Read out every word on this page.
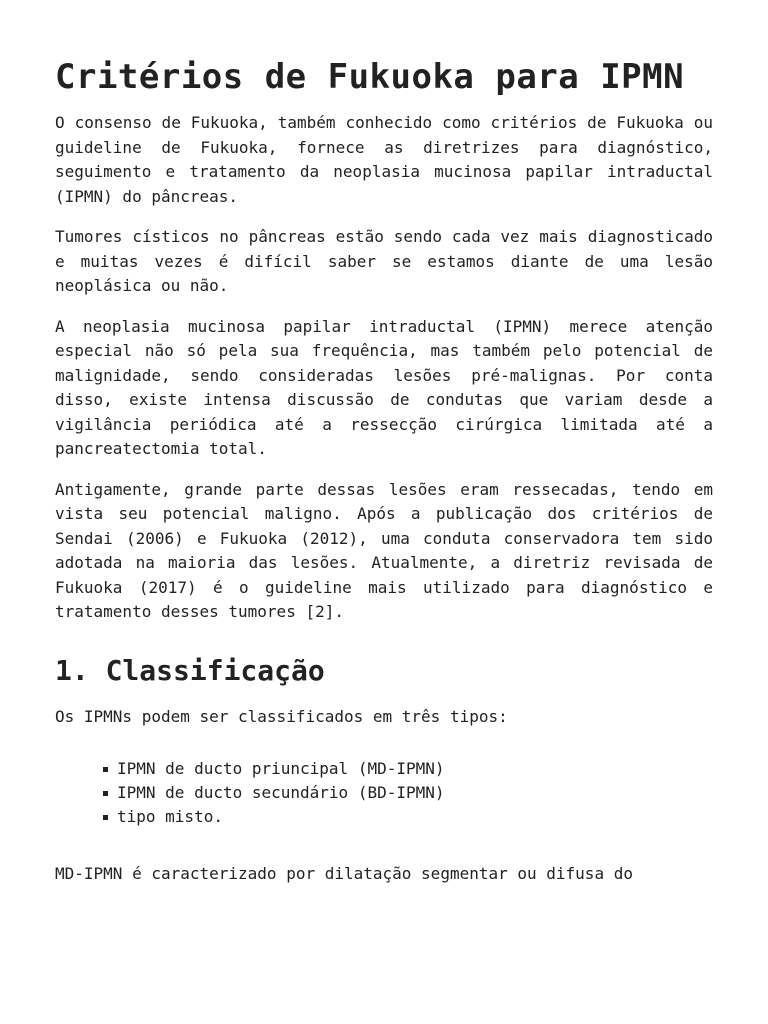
Critérios de Fukuoka para IPMN

O consenso de Fukuoka, também conhecido como critérios de Fukuoka ou guideline de Fukuoka, fornece as diretrizes para diagnóstico, seguimento e tratamento da neoplasia mucinosa papilar intraductal (IPMN) do pâncreas.

Tumores císticos no pâncreas estão sendo cada vez mais diagnosticado e muitas vezes é difícil saber se estamos diante de uma lesão neoplásica ou não.

A neoplasia mucinosa papilar intraductal (IPMN) merece atenção especial não só pela sua frequência, mas também pelo potencial de malignidade, sendo consideradas lesões pré-malignas. Por conta disso, existe intensa discussão de condutas que variam desde a vigilância periódica até a ressecção cirúrgica limitada até a pancreatectomia total.

Antigamente, grande parte dessas lesões eram ressecadas, tendo em vista seu potencial maligno. Após a publicação dos critérios de Sendai (2006) e Fukuoka (2012), uma conduta conservadora tem sido adotada na maioria das lesões. Atualmente, a diretriz revisada de Fukuoka (2017) é o guideline mais utilizado para diagnóstico e tratamento desses tumores [2].

1. Classificação

Os IPMNs podem ser classificados em três tipos:

IPMN de ducto priuncipal (MD-IPMN)
IPMN de ducto secundário (BD-IPMN)
tipo misto.

MD-IPMN é caracterizado por dilatação segmentar ou difusa do
